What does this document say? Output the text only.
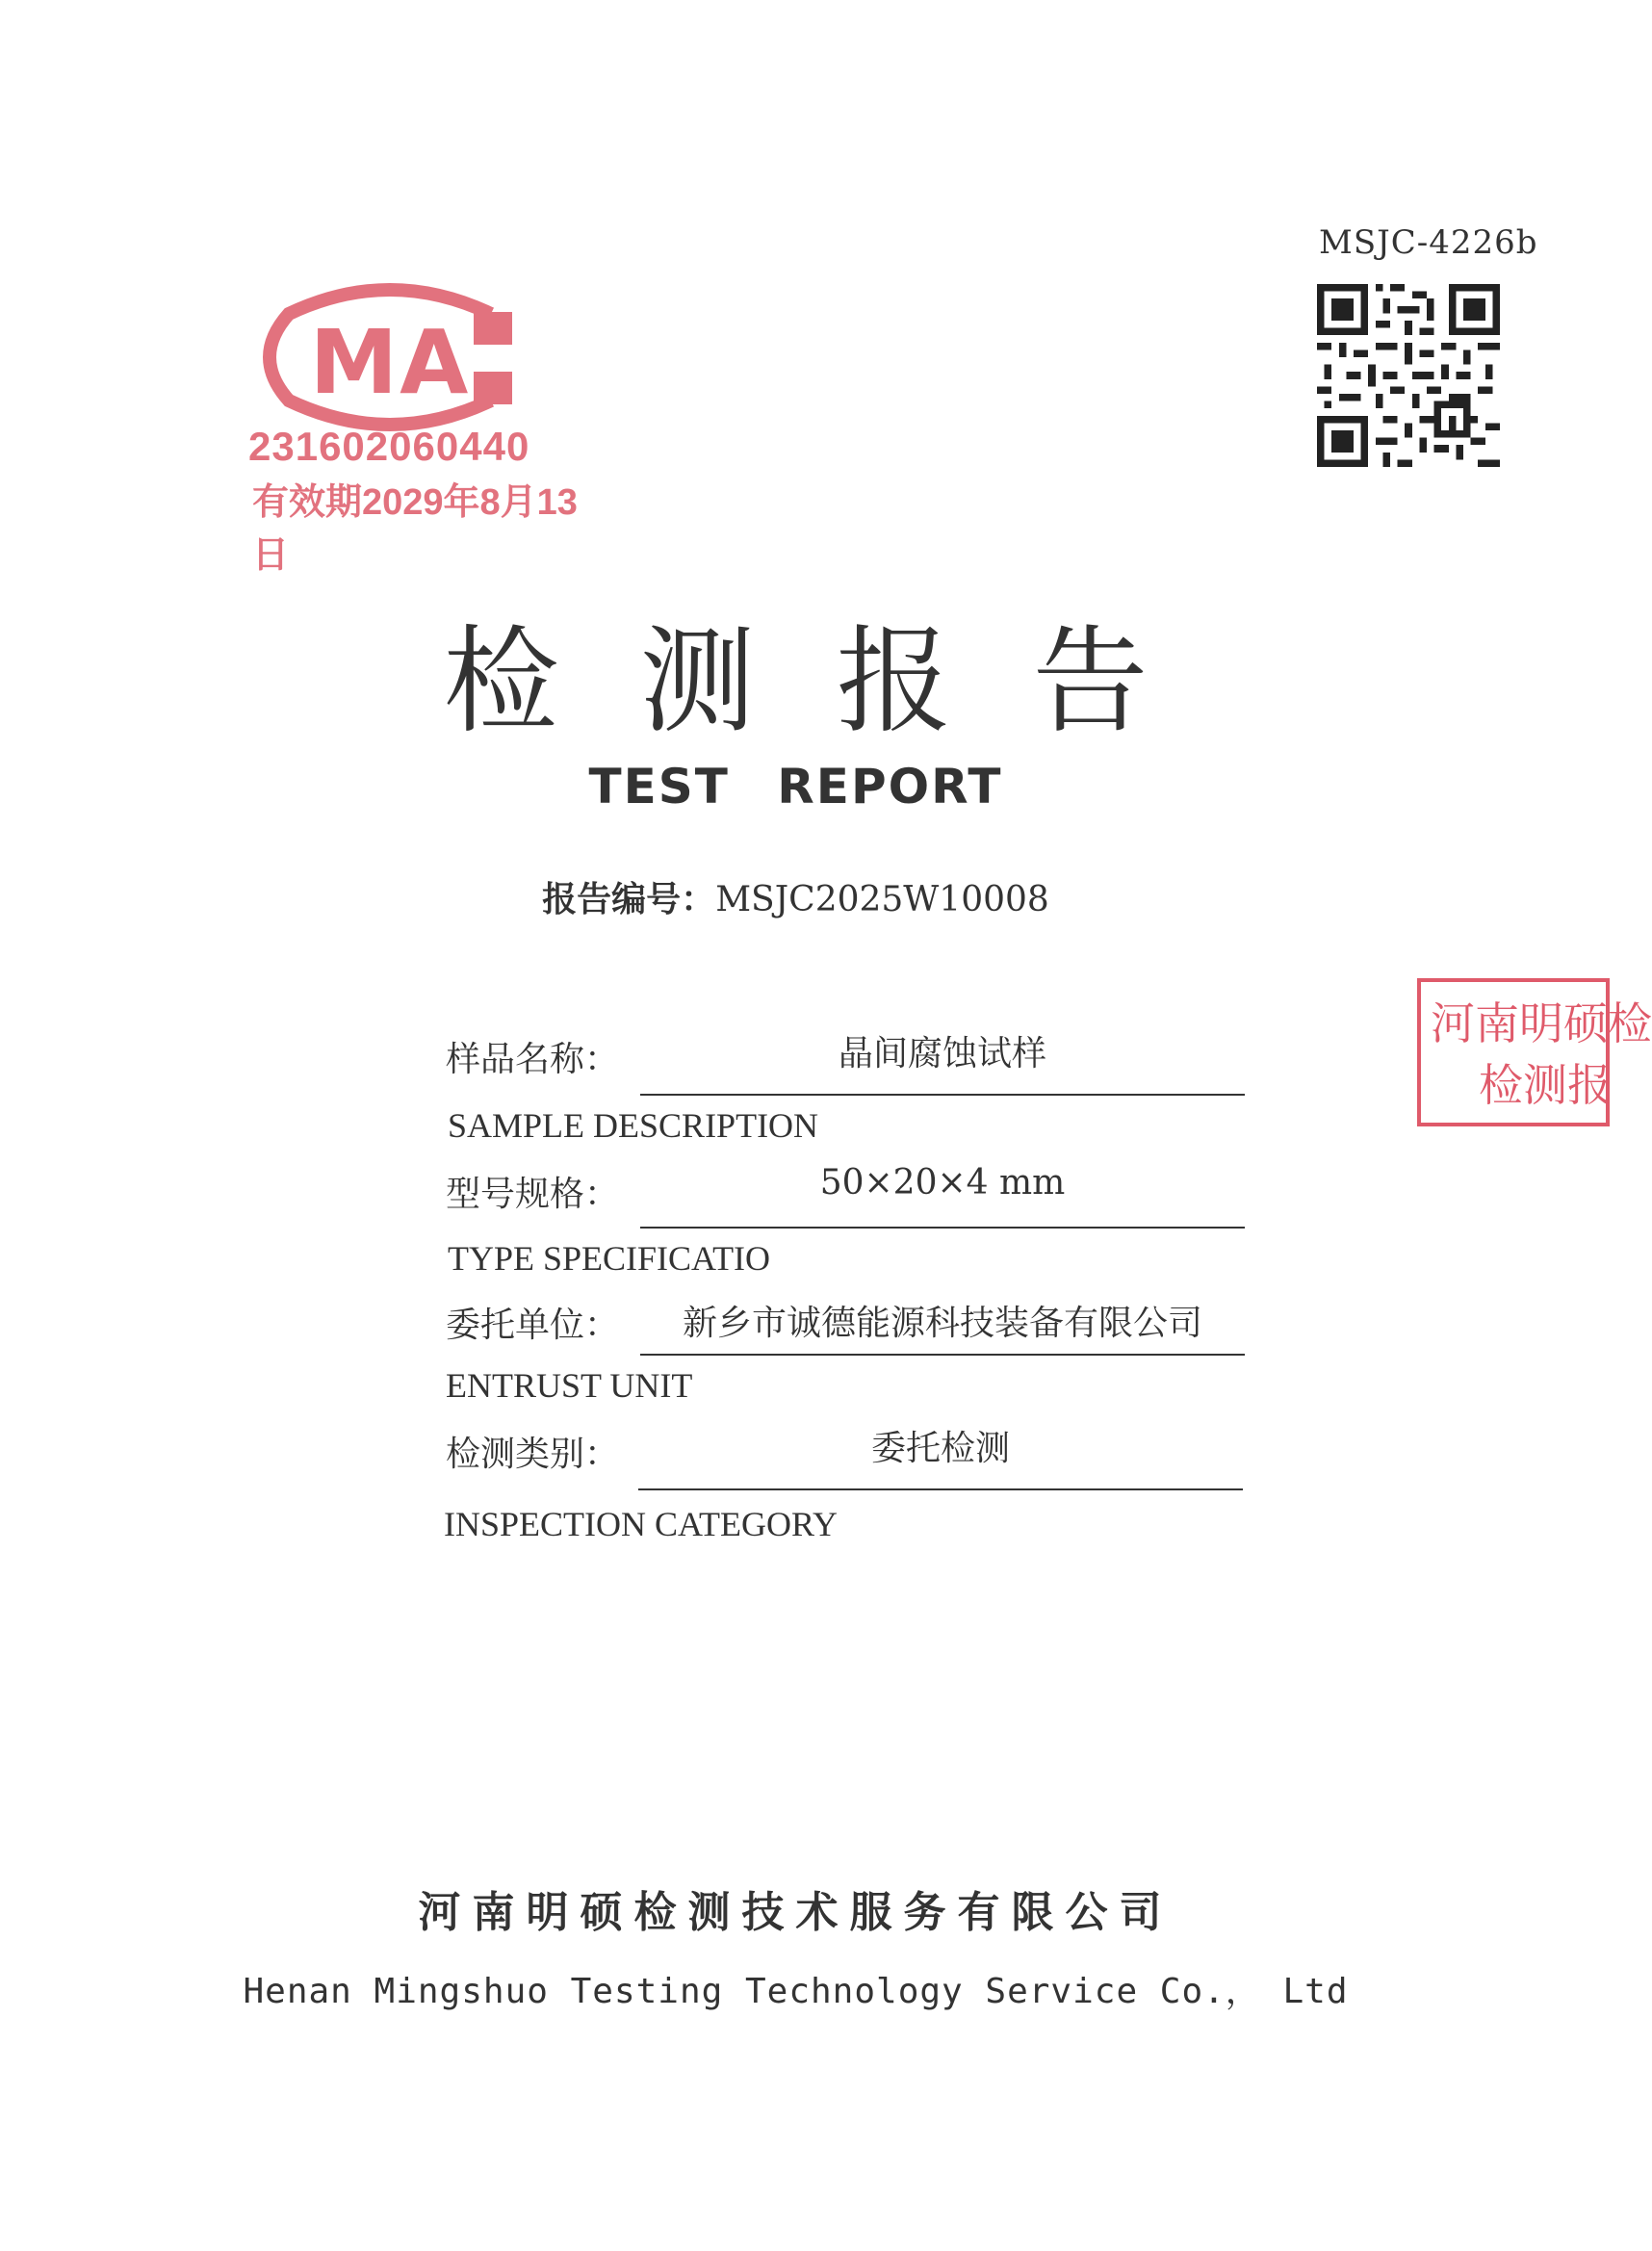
MSJC-4226b
MA
231602060440
有效期2029年8月13日
河南明硕检
检测报
检测报告
TEST REPORT
报告编号：MSJC2025W10008
样品名称：	晶间腐蚀试样
SAMPLE DESCRIPTION
型号规格：	50×20×4 mm
TYPE SPECIFICATIO
委托单位：	新乡市诚德能源科技装备有限公司
ENTRUST UNIT
检测类别：	委托检测
INSPECTION CATEGORY
河南明硕检测技术服务有限公司
Henan Mingshuo Testing Technology Service Co.， Ltd
